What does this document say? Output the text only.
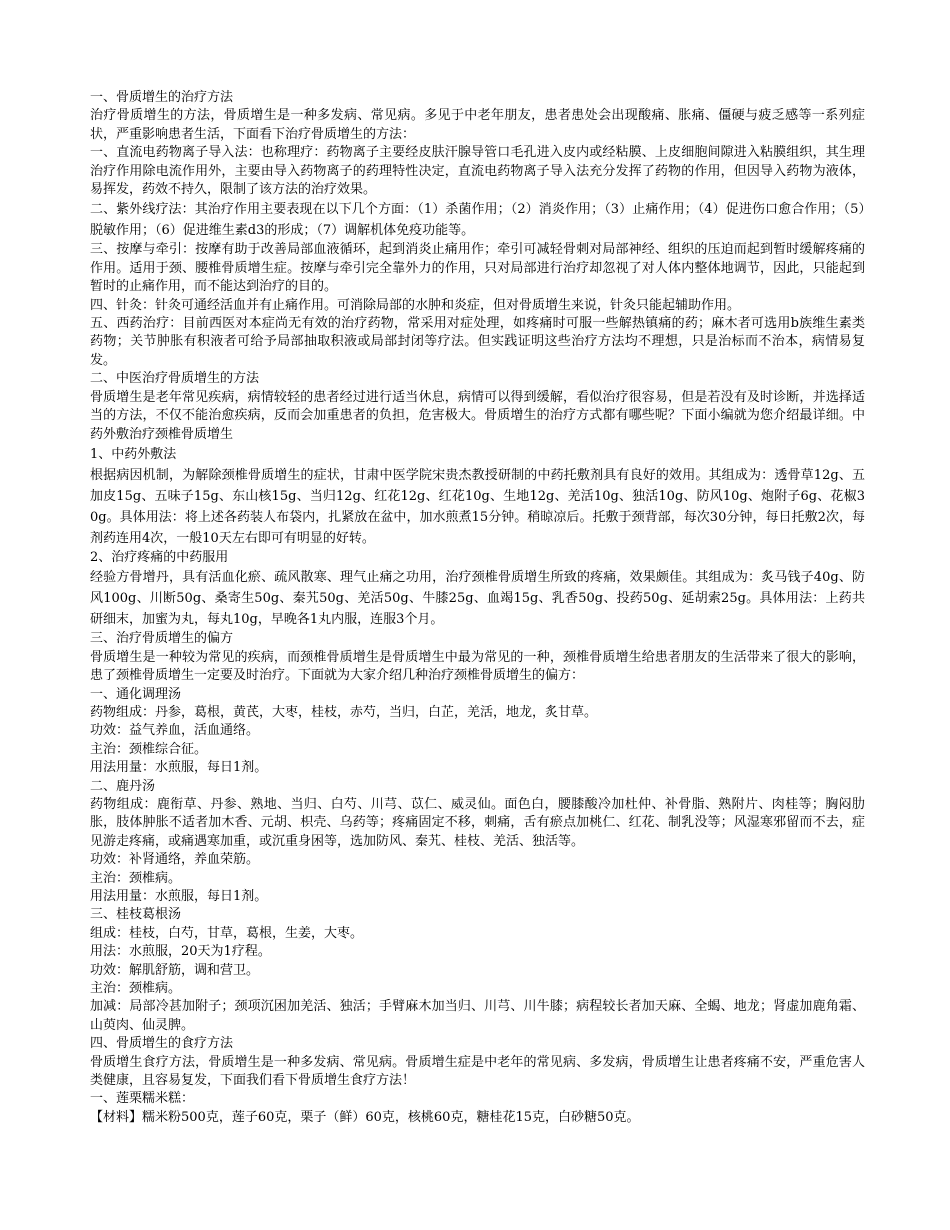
一、骨质增生的治疗方法

治疗骨质增生的方法，骨质增生是一种多发病、常见病。多见于中老年朋友，患者患处会出现酸痛、胀痛、僵硬与疲乏感等一系列症状，严重影响患者生活，下面看下治疗骨质增生的方法：

一、直流电药物离子导入法：也称理疗：药物离子主要经皮肤汗腺导管口毛孔进入皮内或经粘膜、上皮细胞间隙进入粘膜组织，其生理治疗作用除电流作用外，主要由导入药物离子的药理特性决定，直流电药物离子导入法充分发挥了药物的作用，但因导入药物为液体，易挥发，药效不持久，限制了该方法的治疗效果。

二、紫外线疗法：其治疗作用主要表现在以下几个方面：（1）杀菌作用；（2）消炎作用；（3）止痛作用；（4）促进伤口愈合作用；（5）脱敏作用；（6）促进维生素d3的形成；（7）调解机体免疫功能等。

三、按摩与牵引：按摩有助于改善局部血液循环，起到消炎止痛用作；牵引可减轻骨刺对局部神经、组织的压迫而起到暂时缓解疼痛的作用。适用于颈、腰椎骨质增生症。按摩与牵引完全靠外力的作用，只对局部进行治疗却忽视了对人体内整体地调节，因此，只能起到暂时的止痛作用，而不能达到治疗的目的。

四、针灸：针灸可通经活血并有止痛作用。可消除局部的水肿和炎症，但对骨质增生来说，针灸只能起辅助作用。

五、西药治疗：目前西医对本症尚无有效的治疗药物，常采用对症处理，如疼痛时可服一些解热镇痛的药；麻木者可选用b族维生素类药物；关节肿胀有积液者可给予局部抽取积液或局部封闭等疗法。但实践证明这些治疗方法均不理想，只是治标而不治本，病情易复发。

二、中医治疗骨质增生的方法

骨质增生是老年常见疾病，病情较轻的患者经过进行适当休息，病情可以得到缓解，看似治疗很容易，但是若没有及时诊断，并选择适当的方法，不仅不能治愈疾病，反而会加重患者的负担，危害极大。骨质增生的治疗方式都有哪些呢？下面小编就为您介绍最详细。中药外敷治疗颈椎骨质增生

1、中药外敷法

根据病因机制，为解除颈椎骨质增生的症状，甘肃中医学院宋贵杰教授研制的中药托敷剂具有良好的效用。其组成为：透骨草12g、五加皮15g、五味子15g、东山核15g、当归12g、红花12g、红花10g、生地12g、羌活10g、独活10g、防风10g、炮附子6g、花椒30g。具体用法：将上述各药装人布袋内，扎紧放在盆中，加水煎煮15分钟。稍晾凉后。托敷于颈背部，每次30分钟，每日托敷2次，每剂药连用4次，一般10天左右即可有明显的好转。

2、治疗疼痛的中药服用

经验方骨增丹，具有活血化瘀、疏风散寒、理气止痛之功用，治疗颈椎骨质增生所致的疼痛，效果颇佳。其组成为：炙马钱子40g、防风100g、川断50g、桑寄生50g、秦艽50g、羌活50g、牛膝25g、血竭15g、乳香50g、投药50g、延胡索25g。具体用法：上药共研细末，加蜜为丸，每丸10g，早晚各1丸内服，连服3个月。

三、治疗骨质增生的偏方

骨质增生是一种较为常见的疾病，而颈椎骨质增生是骨质增生中最为常见的一种，颈椎骨质增生给患者朋友的生活带来了很大的影响，患了颈椎骨质增生一定要及时治疗。下面就为大家介绍几种治疗颈椎骨质增生的偏方：

一、通化调理汤

药物组成：丹参，葛根，黄芪，大枣，桂枝，赤芍，当归，白芷，羌活，地龙，炙甘草。

功效：益气养血，活血通络。

主治：颈椎综合征。

用法用量：水煎服，每日1剂。

二、鹿丹汤

药物组成：鹿衔草、丹参、熟地、当归、白芍、川芎、苡仁、威灵仙。面色白，腰膝酸冷加杜仲、补骨脂、熟附片、肉桂等；胸闷肋胀，肢体肿胀不适者加木香、元胡、枳壳、乌药等；疼痛固定不移，刺痛，舌有瘀点加桃仁、红花、制乳没等；风湿寒邪留而不去，症见游走疼痛，或痛遇寒加重，或沉重身困等，选加防风、秦艽、桂枝、羌活、独活等。

功效：补肾通络，养血荣筋。

主治：颈椎病。

用法用量：水煎服，每日1剂。

三、桂枝葛根汤

组成：桂枝，白芍，甘草，葛根，生姜，大枣。

用法：水煎服，20天为1疗程。

功效：解肌舒筋，调和营卫。

主治：颈椎病。

加减：局部冷甚加附子；颈项沉困加羌活、独活；手臂麻木加当归、川芎、川牛膝；病程较长者加天麻、全蝎、地龙；肾虚加鹿角霜、山萸肉、仙灵脾。

四、骨质增生的食疗方法

骨质增生食疗方法，骨质增生是一种多发病、常见病。骨质增生症是中老年的常见病、多发病，骨质增生让患者疼痛不安，严重危害人类健康，且容易复发，下面我们看下骨质增生食疗方法！

一、莲栗糯米糕：

【材料】糯米粉500克，莲子60克，栗子（鲜）60克，核桃60克，糖桂花15克，白砂糖50克。
